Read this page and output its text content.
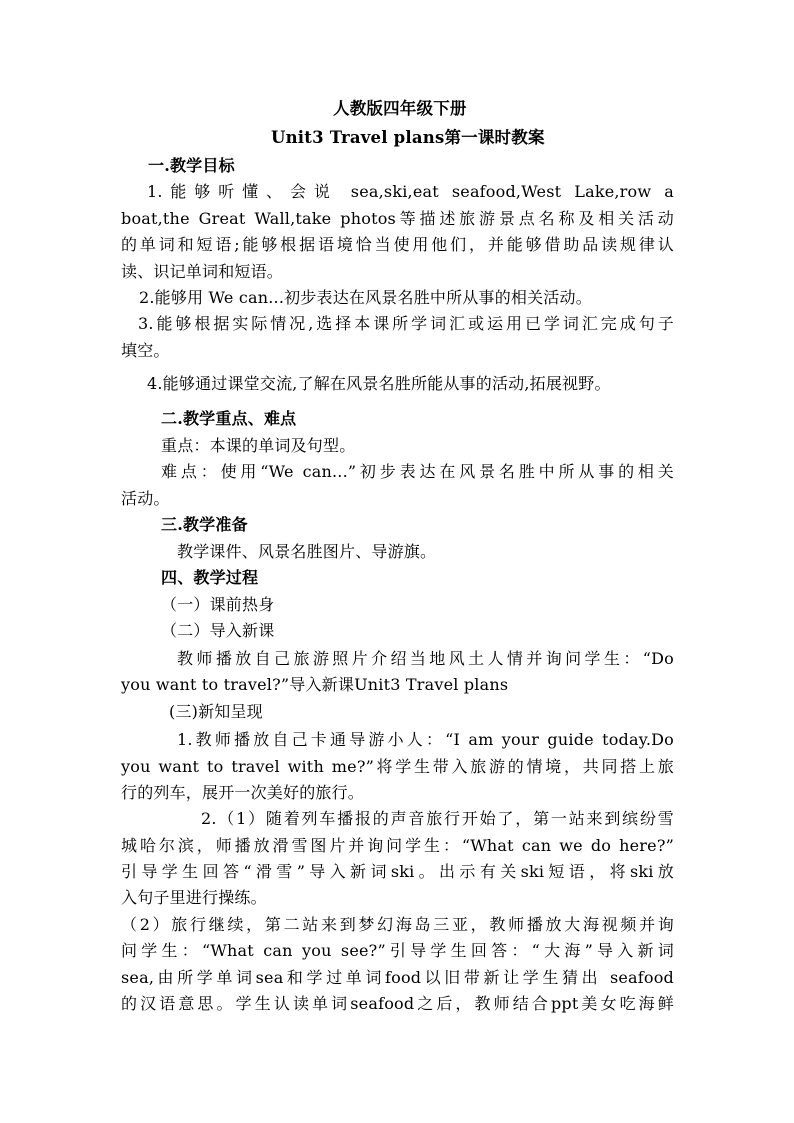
人教版四年级下册
Unit3 Travel plans第一课时教案
一.教学目标
1.能够听懂、会说 sea,ski,eat seafood,West Lake,row a
boat,the Great Wall,take photos等描述旅游景点名称及相关活动
的单词和短语;能够根据语境恰当使用他们，并能够借助品读规律认
读、识记单词和短语。
2.能够用 We can...初步表达在风景名胜中所从事的相关活动。
3.能够根据实际情况,选择本课所学词汇或运用已学词汇完成句子
填空。
4.能够通过课堂交流,了解在风景名胜所能从事的活动,拓展视野。
二.教学重点、难点
重点：本课的单词及句型。
难点：使用“We can...”初步表达在风景名胜中所从事的相关
活动。
三.教学准备
教学课件、风景名胜图片、导游旗。
四、教学过程
（一）课前热身
（二）导入新课
教师播放自己旅游照片介绍当地风土人情并询问学生：“Do
you want to travel?”导入新课Unit3 Travel plans
(三)新知呈现
1.教师播放自己卡通导游小人：“I am your guide today.Do
you want to travel with me?”将学生带入旅游的情境，共同搭上旅
行的列车，展开一次美好的旅行。
2.（1）随着列车播报的声音旅行开始了，第一站来到缤纷雪
城哈尔滨，师播放滑雪图片并询问学生：“What can we do here?”
引导学生回答“滑雪”导入新词ski。出示有关ski短语，将ski放
入句子里进行操练。
（2）旅行继续，第二站来到梦幻海岛三亚，教师播放大海视频并询
问学生：“What can you see?”引导学生回答：“大海”导入新词
sea,由所学单词sea和学过单词food以旧带新让学生猜出 seafood
的汉语意思。学生认读单词seafood之后，教师结合ppt美女吃海鲜
